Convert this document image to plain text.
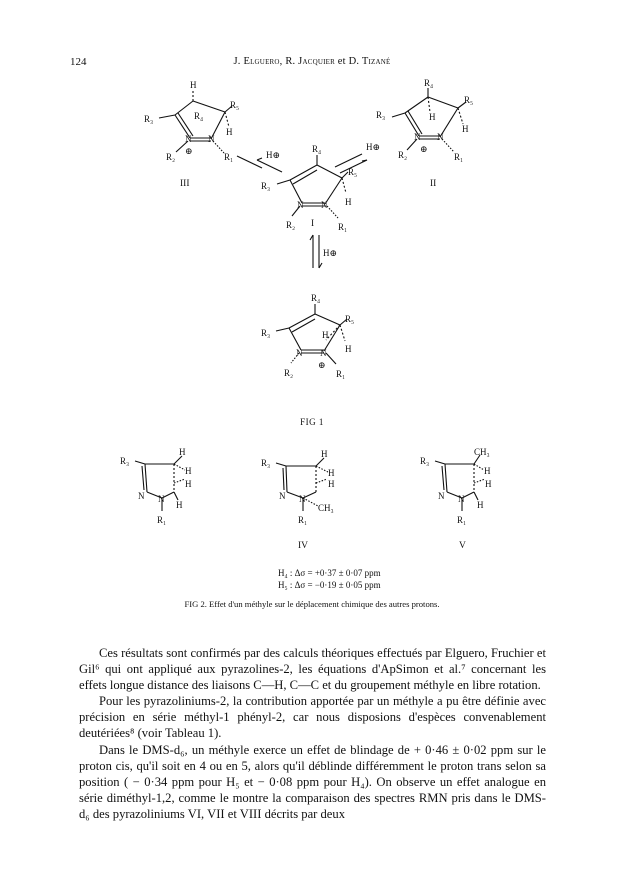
124	J. Elguero, R. Jacquier et D. Tizané
H
R₃	R₄
R₅
H
N N
⊕
R₂	R₁
III
R₄
R₃	H
R₅
H
N N
⊕
R₂	R₁
II
H⊕
H⊕
H⊕
R₄
R₅
R₃
H
N N
R₂ I	R₁
R₄
R₅
R₃	H
H
N N
⊕
R₂	R₁
R₃
H
H
H
N N
H
R₁
R₃
H
H
H
N N
CH₃
R₁
IV
R₃
CH₃
H
H
N N
H
R₁
V
FIG 1
H₄ : Δσ = +0·37 ± 0·07 ppm
H₅ : Δσ = −0·19 ± 0·05 ppm
FIG 2. Effet d'un méthyle sur le déplacement chimique des autres protons.

Ces résultats sont confirmés par des calculs théoriques effectués par Elguero, Fruchier et Gil⁶ qui ont appliqué aux pyrazolines-2, les équations d'ApSimon et al.⁷ concernant les effets longue distance des liaisons C—H, C—C et du groupement méthyle en libre rotation.

Pour les pyrazoliniums-2, la contribution apportée par un méthyle a pu être définie avec précision en série méthyl-1 phényl-2, car nous disposions d'espèces convenablement deutériées⁸ (voir Tableau 1).

Dans le DMS-d₆, un méthyle exerce un effet de blindage de + 0·46 ± 0·02 ppm sur le proton cis, qu'il soit en 4 ou en 5, alors qu'il déblinde différemment le proton trans selon sa position ( − 0·34 ppm pour H₅ et − 0·08 ppm pour H₄). On observe un effet analogue en série diméthyl-1,2, comme le montre la comparaison des spectres RMN pris dans le DMS-d₆ des pyrazoliniums VI, VII et VIII décrits par deux
